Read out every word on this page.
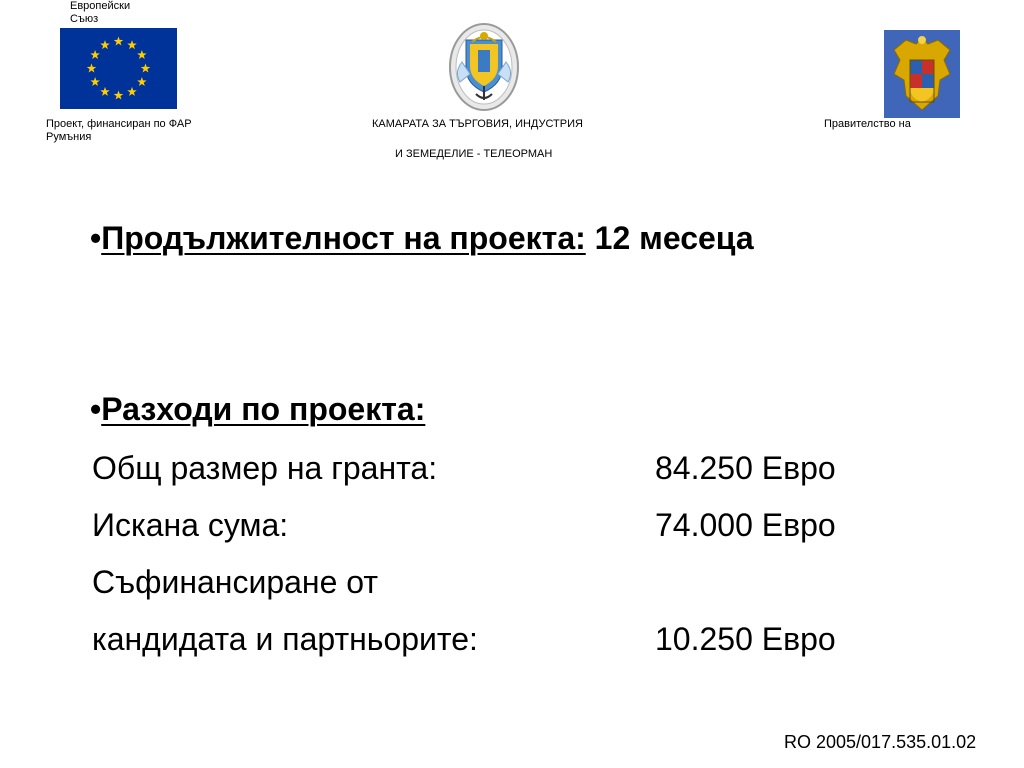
Европейски
Съюз
Проект, финансиран по ФАР
Румъния
КАМАРАТА ЗА ТЪРГОВИЯ, ИНДУСТРИЯ
И ЗЕМЕДЕЛИЕ - ТЕЛЕОРМАН
Правителство на
•Продължителност на проекта: 12 месеца
•Разходи по проекта:
Общ размер на гранта:	84.250 Евро
Искана сума:	74.000 Евро
Съфинансиране от
кандидата и партньорите:	10.250 Евро
RO 2005/017.535.01.02
